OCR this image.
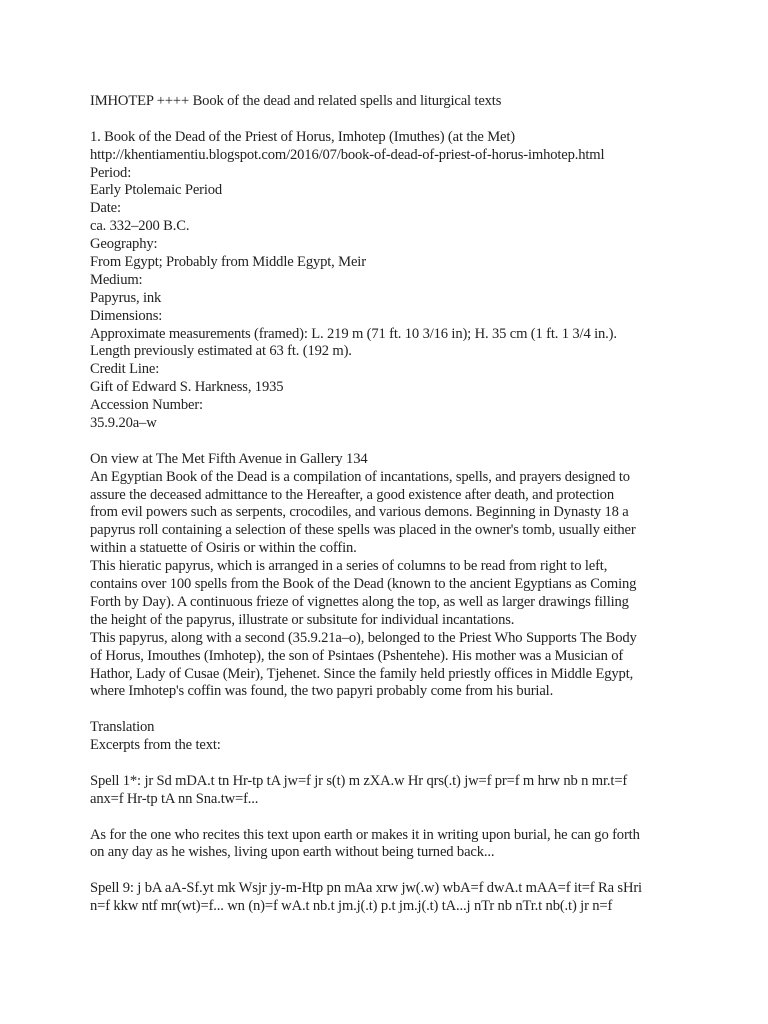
IMHOTEP ++++ Book of the dead and related spells and liturgical texts
1. Book of the Dead of the Priest of Horus, Imhotep (Imuthes) (at the Met)
http://khentiamentiu.blogspot.com/2016/07/book-of-dead-of-priest-of-horus-imhotep.html
Period:
Early Ptolemaic Period
Date:
ca. 332–200 B.C.
Geography:
From Egypt; Probably from Middle Egypt, Meir
Medium:
Papyrus, ink
Dimensions:
Approximate measurements (framed): L. 219 m (71 ft. 10 3/16 in); H. 35 cm (1 ft. 1 3/4 in.).
Length previously estimated at 63 ft. (192 m).
Credit Line:
Gift of Edward S. Harkness, 1935
Accession Number:
35.9.20a–w
On view at The Met Fifth Avenue in Gallery 134
An Egyptian Book of the Dead is a compilation of incantations, spells, and prayers designed to
assure the deceased admittance to the Hereafter, a good existence after death, and protection
from evil powers such as serpents, crocodiles, and various demons. Beginning in Dynasty 18 a
papyrus roll containing a selection of these spells was placed in the owner's tomb, usually either
within a statuette of Osiris or within the coffin.
This hieratic papyrus, which is arranged in a series of columns to be read from right to left,
contains over 100 spells from the Book of the Dead (known to the ancient Egyptians as Coming
Forth by Day). A continuous frieze of vignettes along the top, as well as larger drawings filling
the height of the papyrus, illustrate or subsitute for individual incantations.
This papyrus, along with a second (35.9.21a–o), belonged to the Priest Who Supports The Body
of Horus, Imouthes (Imhotep), the son of Psintaes (Pshentehe). His mother was a Musician of
Hathor, Lady of Cusae (Meir), Tjehenet. Since the family held priestly offices in Middle Egypt,
where Imhotep's coffin was found, the two papyri probably come from his burial.
Translation
Excerpts from the text:
Spell 1*: jr Sd mDA.t tn Hr-tp tA jw=f jr s(t) m zXA.w Hr qrs(.t) jw=f pr=f m hrw nb n mr.t=f
anx=f Hr-tp tA nn Sna.tw=f...
As for the one who recites this text upon earth or makes it in writing upon burial, he can go forth
on any day as he wishes, living upon earth without being turned back...
Spell 9: j bA aA-Sf.yt mk Wsjr jy-m-Htp pn mAa xrw jw(.w) wbA=f dwA.t mAA=f it=f Ra sHri
n=f kkw ntf mr(wt)=f... wn (n)=f wA.t nb.t jm.j(.t) p.t jm.j(.t) tA...j nTr nb nTr.t nb(.t) jr n=f
